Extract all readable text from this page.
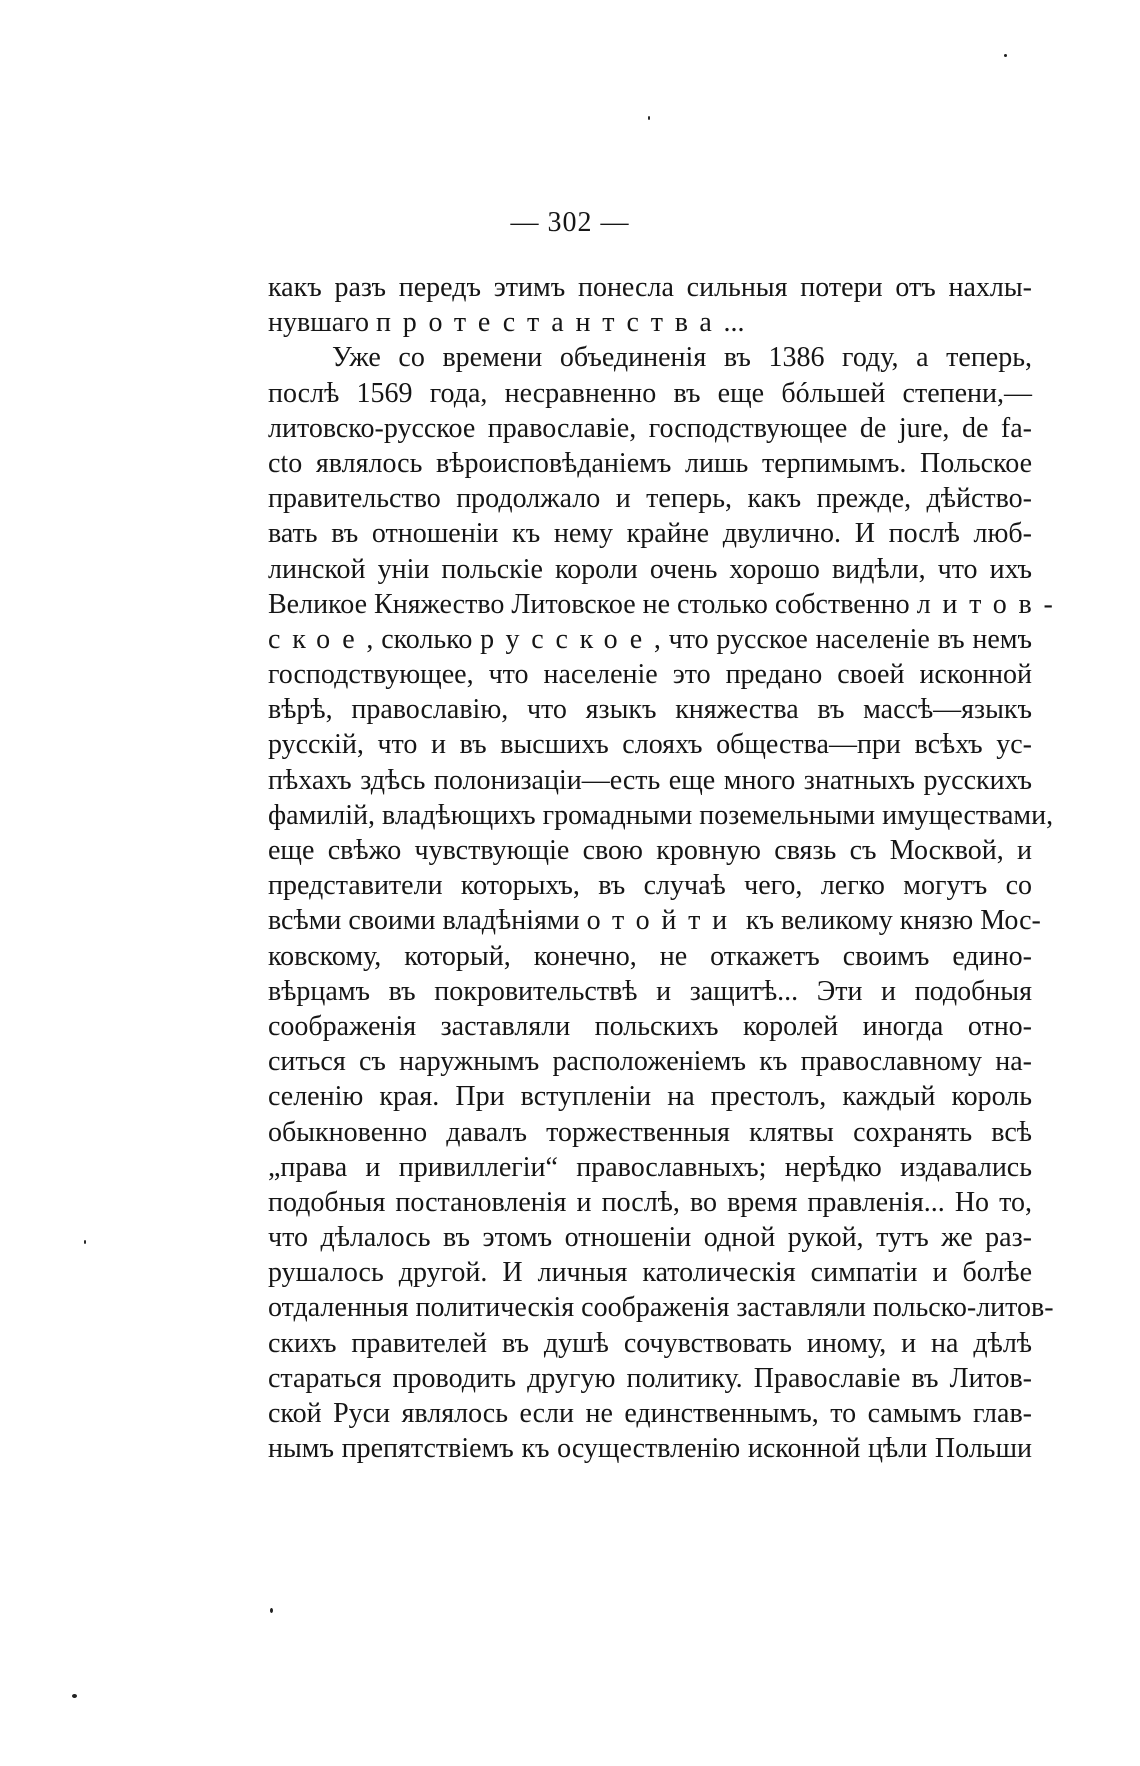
— 302 —
какъ разъ передъ этимъ понесла сильныя потери отъ нахлы-
нувшаго протестантства...
Уже со времени объединенія въ 1386 году, а теперь,
послѣ 1569 года, несравненно въ еще бóльшей степени,—
литовско-русское православіе, господствующее de jure, de fa-
cto являлось вѣроисповѣданіемъ лишь терпимымъ. Польское
правительство продолжало и теперь, какъ прежде, дѣйство-
вать въ отношеніи къ нему крайне двулично. И послѣ люб-
линской уніи польскіе короли очень хорошо видѣли, что ихъ
Великое Княжество Литовское не столько собственно литов-
ское, сколько русское, что русское населеніе въ немъ
господствующее, что населеніе это предано своей исконной
вѣрѣ, православію, что языкъ княжества въ массѣ—языкъ
русскій, что и въ высшихъ слояхъ общества—при всѣхъ ус-
пѣхахъ здѣсь полонизаціи—есть еще много знатныхъ русскихъ
фамилій, владѣющихъ громадными поземельными имуществами,
еще свѣжо чувствующіе свою кровную связь съ Москвой, и
представители которыхъ, въ случаѣ чего, легко могутъ со
всѣми своими владѣніями отойти къ великому князю Мос-
ковскому, который, конечно, не откажетъ своимъ едино-
вѣрцамъ въ покровительствѣ и защитѣ... Эти и подобныя
соображенія заставляли польскихъ королей иногда отно-
ситься съ наружнымъ расположеніемъ къ православному на-
селенію края. При вступленіи на престолъ, каждый король
обыкновенно давалъ торжественныя клятвы сохранять всѣ
„права и привиллегіи“ православныхъ; нерѣдко издавались
подобныя постановленія и послѣ, во время правленія... Но то,
что дѣлалось въ этомъ отношеніи одной рукой, тутъ же раз-
рушалось другой. И личныя католическія симпатіи и болѣе
отдаленныя политическія соображенія заставляли польско-литов-
скихъ правителей въ душѣ сочувствовать иному, и на дѣлѣ
стараться проводить другую политику. Православіе въ Литов-
ской Руси являлось если не единственнымъ, то самымъ глав-
нымъ препятствіемъ къ осуществленію исконной цѣли Польши
